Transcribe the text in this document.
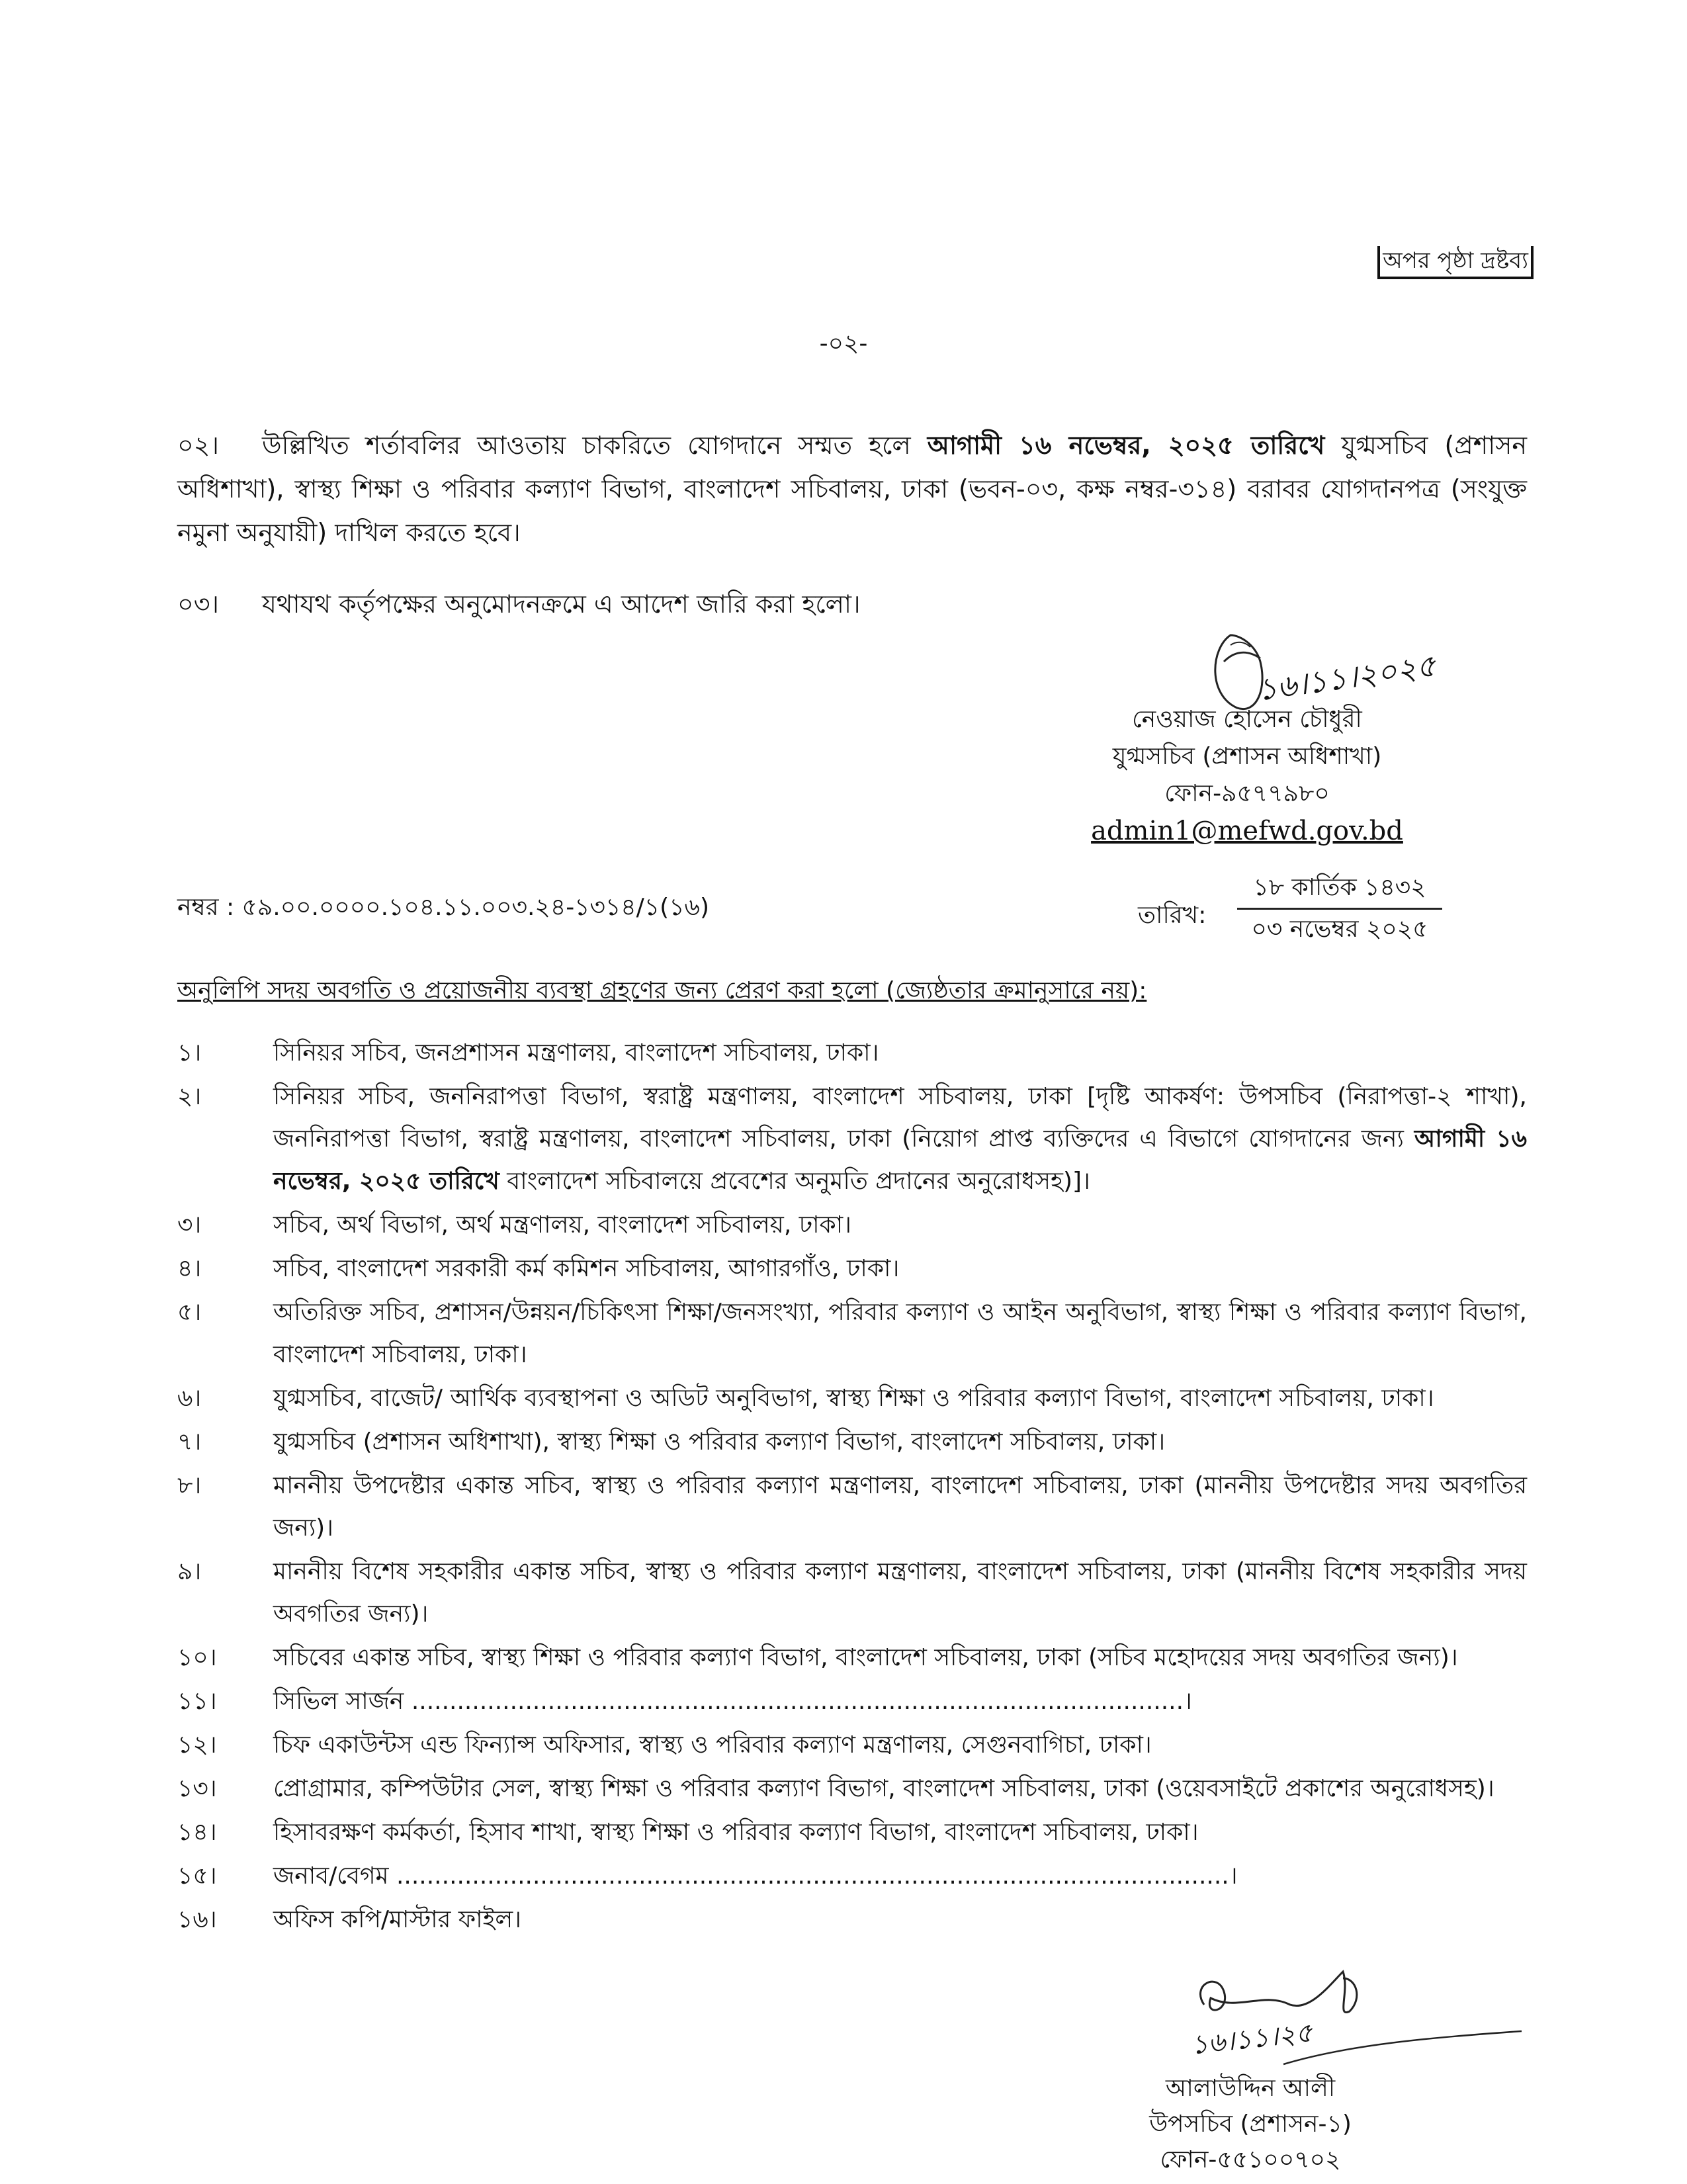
অপর পৃষ্ঠা দ্রষ্টব্য
-০২-
০২। উল্লিখিত শর্তাবলির আওতায় চাকরিতে যোগদানে সম্মত হলে আগামী ১৬ নভেম্বর, ২০২৫ তারিখে যুগ্মসচিব (প্রশাসন অধিশাখা), স্বাস্থ্য শিক্ষা ও পরিবার কল্যাণ বিভাগ, বাংলাদেশ সচিবালয়, ঢাকা (ভবন-০৩, কক্ষ নম্বর-৩১৪) বরাবর যোগদানপত্র (সংযুক্ত নমুনা অনুযায়ী) দাখিল করতে হবে।
০৩। যথাযথ কর্তৃপক্ষের অনুমোদনক্রমে এ আদেশ জারি করা হলো।
১৬।১১।২০২৫
নেওয়াজ হোসেন চৌধুরী
যুগ্মসচিব (প্রশাসন অধিশাখা)
ফোন-৯৫৭৭৯৮০
admin1@mefwd.gov.bd
নম্বর : ৫৯.০০.০০০০.১০৪.১১.০০৩.২৪-১৩১৪/১(১৬)	তারিখ:
১৮ কার্তিক ১৪৩২
০৩ নভেম্বর ২০২৫
অনুলিপি সদয় অবগতি ও প্রয়োজনীয় ব্যবস্থা গ্রহণের জন্য প্রেরণ করা হলো (জ্যেষ্ঠতার ক্রমানুসারে নয়):
১।	সিনিয়র সচিব, জনপ্রশাসন মন্ত্রণালয়, বাংলাদেশ সচিবালয়, ঢাকা।
২।	সিনিয়র সচিব, জননিরাপত্তা বিভাগ, স্বরাষ্ট্র মন্ত্রণালয়, বাংলাদেশ সচিবালয়, ঢাকা [দৃষ্টি আকর্ষণ: উপসচিব (নিরাপত্তা-২ শাখা), জননিরাপত্তা বিভাগ, স্বরাষ্ট্র মন্ত্রণালয়, বাংলাদেশ সচিবালয়, ঢাকা (নিয়োগ প্রাপ্ত ব্যক্তিদের এ বিভাগে যোগদানের জন্য আগামী ১৬ নভেম্বর, ২০২৫ তারিখে বাংলাদেশ সচিবালয়ে প্রবেশের অনুমতি প্রদানের অনুরোধসহ)]।
৩।	সচিব, অর্থ বিভাগ, অর্থ মন্ত্রণালয়, বাংলাদেশ সচিবালয়, ঢাকা।
৪।	সচিব, বাংলাদেশ সরকারী কর্ম কমিশন সচিবালয়, আগারগাঁও, ঢাকা।
৫।	অতিরিক্ত সচিব, প্রশাসন/উন্নয়ন/চিকিৎসা শিক্ষা/জনসংখ্যা, পরিবার কল্যাণ ও আইন অনুবিভাগ, স্বাস্থ্য শিক্ষা ও পরিবার কল্যাণ বিভাগ, বাংলাদেশ সচিবালয়, ঢাকা।
৬।	যুগ্মসচিব, বাজেট/ আর্থিক ব্যবস্থাপনা ও অডিট অনুবিভাগ, স্বাস্থ্য শিক্ষা ও পরিবার কল্যাণ বিভাগ, বাংলাদেশ সচিবালয়, ঢাকা।
৭।	যুগ্মসচিব (প্রশাসন অধিশাখা), স্বাস্থ্য শিক্ষা ও পরিবার কল্যাণ বিভাগ, বাংলাদেশ সচিবালয়, ঢাকা।
৮।	মাননীয় উপদেষ্টার একান্ত সচিব, স্বাস্থ্য ও পরিবার কল্যাণ মন্ত্রণালয়, বাংলাদেশ সচিবালয়, ঢাকা (মাননীয় উপদেষ্টার সদয় অবগতির জন্য)।
৯।	মাননীয় বিশেষ সহকারীর একান্ত সচিব, স্বাস্থ্য ও পরিবার কল্যাণ মন্ত্রণালয়, বাংলাদেশ সচিবালয়, ঢাকা (মাননীয় বিশেষ সহকারীর সদয় অবগতির জন্য)।
১০।	সচিবের একান্ত সচিব, স্বাস্থ্য শিক্ষা ও পরিবার কল্যাণ বিভাগ, বাংলাদেশ সচিবালয়, ঢাকা (সচিব মহোদয়ের সদয় অবগতির জন্য)।
১১।	সিভিল সার্জন ......................................................................................................।
১২।	চিফ একাউন্টস এন্ড ফিন্যান্স অফিসার, স্বাস্থ্য ও পরিবার কল্যাণ মন্ত্রণালয়, সেগুনবাগিচা, ঢাকা।
১৩।	প্রোগ্রামার, কম্পিউটার সেল, স্বাস্থ্য শিক্ষা ও পরিবার কল্যাণ বিভাগ, বাংলাদেশ সচিবালয়, ঢাকা (ওয়েবসাইটে প্রকাশের অনুরোধসহ)।
১৪।	হিসাবরক্ষণ কর্মকর্তা, হিসাব শাখা, স্বাস্থ্য শিক্ষা ও পরিবার কল্যাণ বিভাগ, বাংলাদেশ সচিবালয়, ঢাকা।
১৫।	জনাব/বেগম ..............................................................................................................।
১৬।	অফিস কপি/মাস্টার ফাইল।
১৬।১১।২৫
আলাউদ্দিন আলী
উপসচিব (প্রশাসন-১)
ফোন-৫৫১০০৭০২
